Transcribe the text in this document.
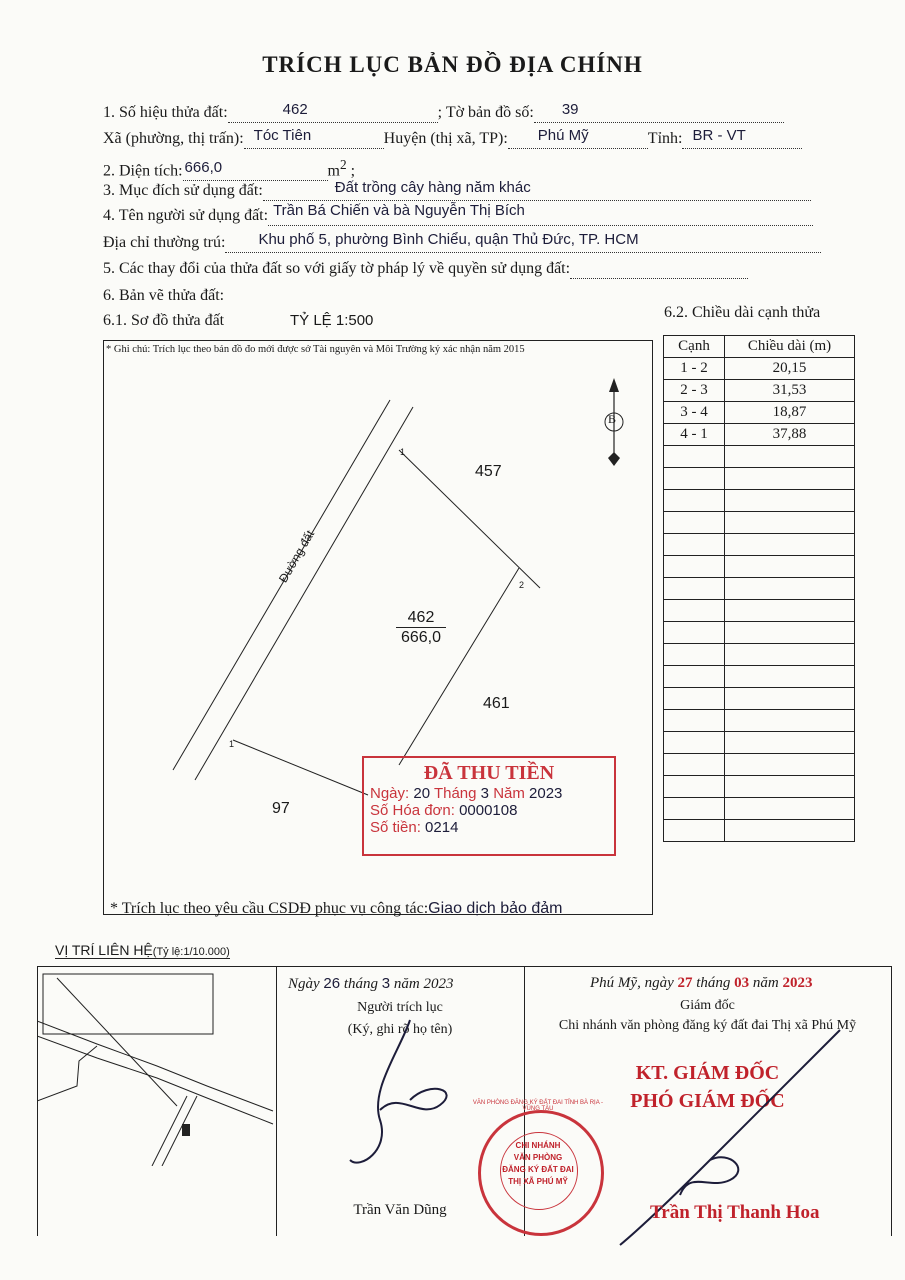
TRÍCH LỤC BẢN ĐỒ ĐỊA CHÍNH
1. Số hiệu thửa đất:	462	; Tờ bản đồ số: 39

Xã (phường, thị trấn): Tóc Tiên	Huyện (thị xã, TP): Phú Mỹ	Tỉnh: BR - VT

2. Diện tích: 666,0	$m^2$ ;
3. Mục đích sử dụng đất:	Đất trồng cây hàng năm khác

4. Tên người sử dụng đất: Trần Bá Chiến và bà Nguyễn Thị Bích

Địa chỉ thường trú: Khu phố 5, phường Bình Chiểu, quận Thủ Đức, TP. HCM

5. Các thay đổi của thửa đất so với giấy tờ pháp lý về quyền sử dụng đất:
6. Bản vẽ thửa đất:
6.1. Sơ đồ thửa đất	TỶ LỆ 1:500	6.2. Chiều dài cạnh thửa
* Ghi chú: Trích lục theo bản đồ đo mới được sở Tài nguyên và Môi Trường ký xác nhận năm 2015
B
Đường đất
462
666,0
457
461
97
1
2
1
ĐÃ THU TIỀN
Ngày: 20 Tháng 3 Năm 2023
Số Hóa đơn: 0000108
Số tiền: 0214
* Trích lục theo yêu cầu CSDĐ phục vụ công tác:Giao dịch bảo đảm
Cạnh	Chiều dài (m)
1 - 2	20,15
2 - 3	31,53
3 - 4	18,87
4 - 1	37,88

VỊ TRÍ LIÊN HỆ(Tỷ lệ:1/10.000)
Ngày 26 tháng 3 năm 2023
Người trích lục
(Ký, ghi rõ họ tên)
Trần Văn Dũng
Phú Mỹ, ngày 27 tháng 03 năm 2023
Giám đốc
Chi nhánh văn phòng đăng ký đất đai Thị xã Phú Mỹ
KT. GIÁM ĐỐC
PHÓ GIÁM ĐỐC
Trần Thị Thanh Hoa
VĂN PHÒNG ĐĂNG KÝ ĐẤT ĐAI TỈNH BÀ RỊA - VŨNG TÀU
CHI NHÁNH
VĂN PHÒNG
ĐĂNG KÝ ĐẤT ĐAI
THỊ XÃ PHÚ MỸ
